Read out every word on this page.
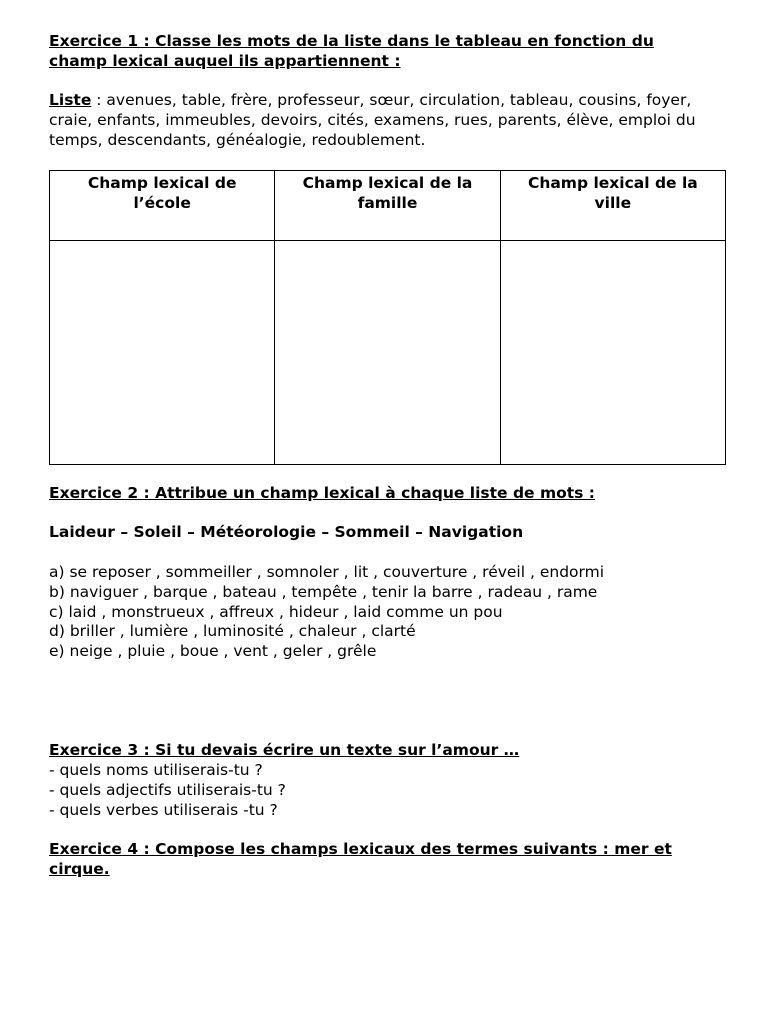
Exercice 1 : Classe les mots de la liste dans le tableau en fonction du
champ lexical auquel ils appartiennent :
Liste : avenues, table, frère, professeur, sœur, circulation, tableau, cousins, foyer, craie, enfants, immeubles, devoirs, cités, examens, rues, parents, élève, emploi du temps, descendants, généalogie, redoublement.
Champ lexical de l’école	Champ lexical de la famille	Champ lexical de la ville

Exercice 2 : Attribue un champ lexical à chaque liste de mots :
Laideur – Soleil – Météorologie – Sommeil – Navigation
a) se reposer , sommeiller , somnoler , lit , couverture , réveil , endormi
b) naviguer , barque , bateau , tempête , tenir la barre , radeau , rame
c) laid , monstrueux , affreux , hideur , laid comme un pou
d) briller , lumière , luminosité , chaleur , clarté
e) neige , pluie , boue , vent , geler , grêle
Exercice 3 : Si tu devais écrire un texte sur l’amour …
- quels noms utiliserais-tu ?
- quels adjectifs utiliserais-tu ?
- quels verbes utiliserais -tu ?
Exercice 4 : Compose les champs lexicaux des termes suivants : mer et
cirque.
